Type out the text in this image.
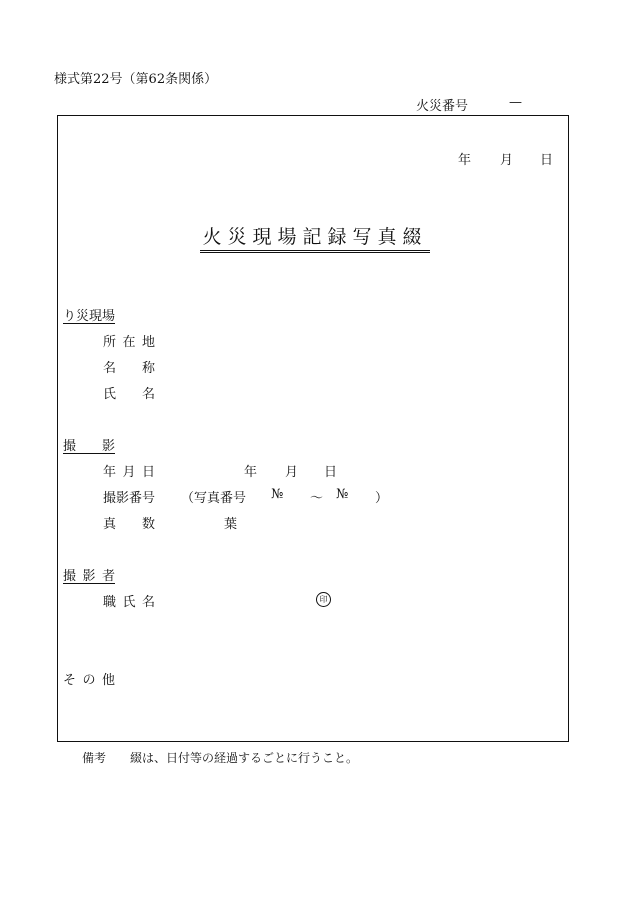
様式第22号（第62条関係）
火災番号	—
年 月 日
火災現場記録写真綴
り災現場
所在地
名称
氏名
撮影
年月日	年 月 日
撮影番号 （写真番号 № ～ № ）
真数	葉
撮影者
職氏名	印
その他
備考 綴は、日付等の経過するごとに行うこと。
